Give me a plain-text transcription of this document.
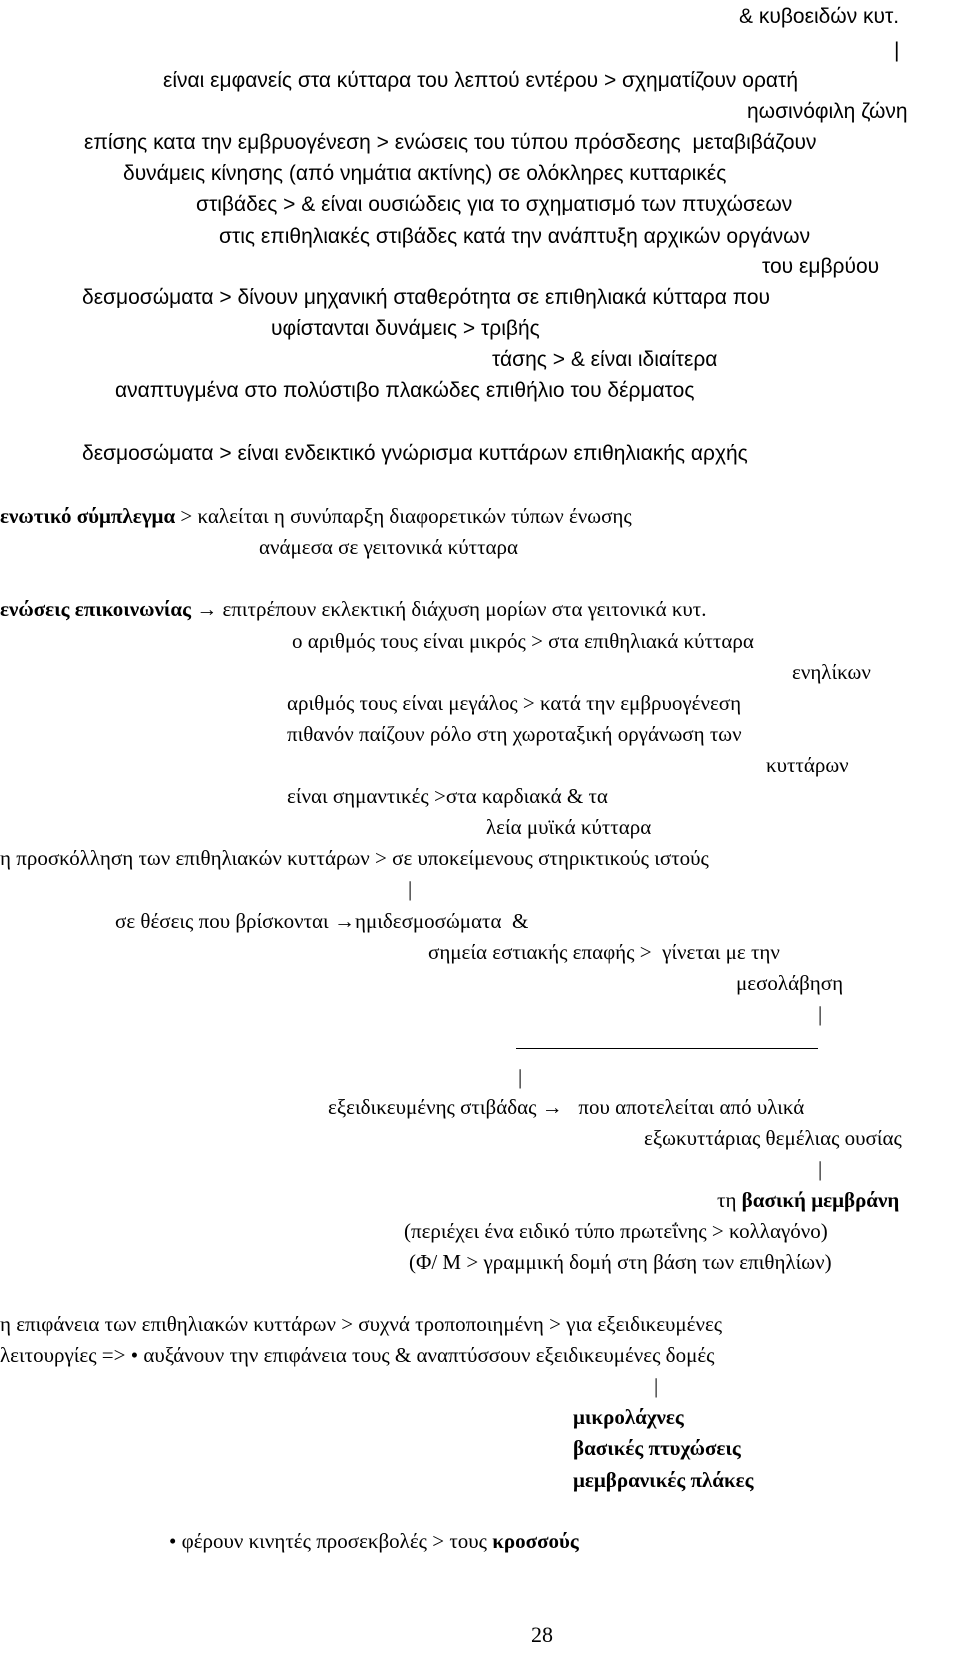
& κυβοειδών κυτ.
|
είναι εμφανείς στα κύτταρα του λεπτού εντέρου > σχηματίζουν ορατή
ηωσινόφιλη ζώνη
επίσης κατα την εμβρυογένεση > ενώσεις του τύπου πρόσδεσης  μεταβιβάζουν
δυνάμεις κίνησης (από νημάτια ακτίνης) σε ολόκληρες κυτταρικές
στιβάδες > & είναι ουσιώδεις για το σχηματισμό των πτυχώσεων
στις επιθηλιακές στιβάδες κατά την ανάπτυξη αρχικών οργάνων
του εμβρύου
δεσμοσώματα > δίνουν μηχανική σταθερότητα σε επιθηλιακά κύτταρα που
υφίστανται δυνάμεις > τριβής
τάσης > & είναι ιδιαίτερα
αναπτυγμένα στο πολύστιβο πλακώδες επιθήλιο του δέρματος
δεσμοσώματα > είναι ενδεικτικό γνώρισμα κυττάρων επιθηλιακής αρχής
ενωτικό σύμπλεγμα > καλείται η συνύπαρξη διαφορετικών τύπων ένωσης
ανάμεσα σε γειτονικά κύτταρα
ενώσεις επικοινωνίας → επιτρέπουν εκλεκτική διάχυση μορίων στα γειτονικά κυτ.
ο αριθμός τους είναι μικρός > στα επιθηλιακά κύτταρα
ενηλίκων
αριθμός τους είναι μεγάλος > κατά την εμβρυογένεση
πιθανόν παίζουν ρόλο στη χωροταξική οργάνωση των
κυττάρων
είναι σημαντικές >στα καρδιακά & τα
λεία μυϊκά κύτταρα
η προσκόλληση των επιθηλιακών κυττάρων > σε υποκείμενους στηρικτικούς ιστούς
|
σε θέσεις που βρίσκονται →ημιδεσμοσώματα  &
σημεία εστιακής επαφής >  γίνεται με την
μεσολάβηση
|
|
εξειδικευμένης στιβάδας →   που αποτελείται από υλικά
εξωκυττάριας θεμέλιας ουσίας
|
τη βασική μεμβράνη
(περιέχει ένα ειδικό τύπο πρωτεΐνης > κολλαγόνο)
(Φ/ Μ > γραμμική δομή στη βάση των επιθηλίων)
η επιφάνεια των επιθηλιακών κυττάρων > συχνά τροποποιημένη > για εξειδικευμένες
λειτουργίες => • αυξάνουν την επιφάνεια τους & αναπτύσσουν εξειδικευμένες δομές
|
μικρολάχνες
βασικές πτυχώσεις
μεμβρανικές πλάκες
• φέρουν κινητές προσεκβολές > τους κροσσούς
28
